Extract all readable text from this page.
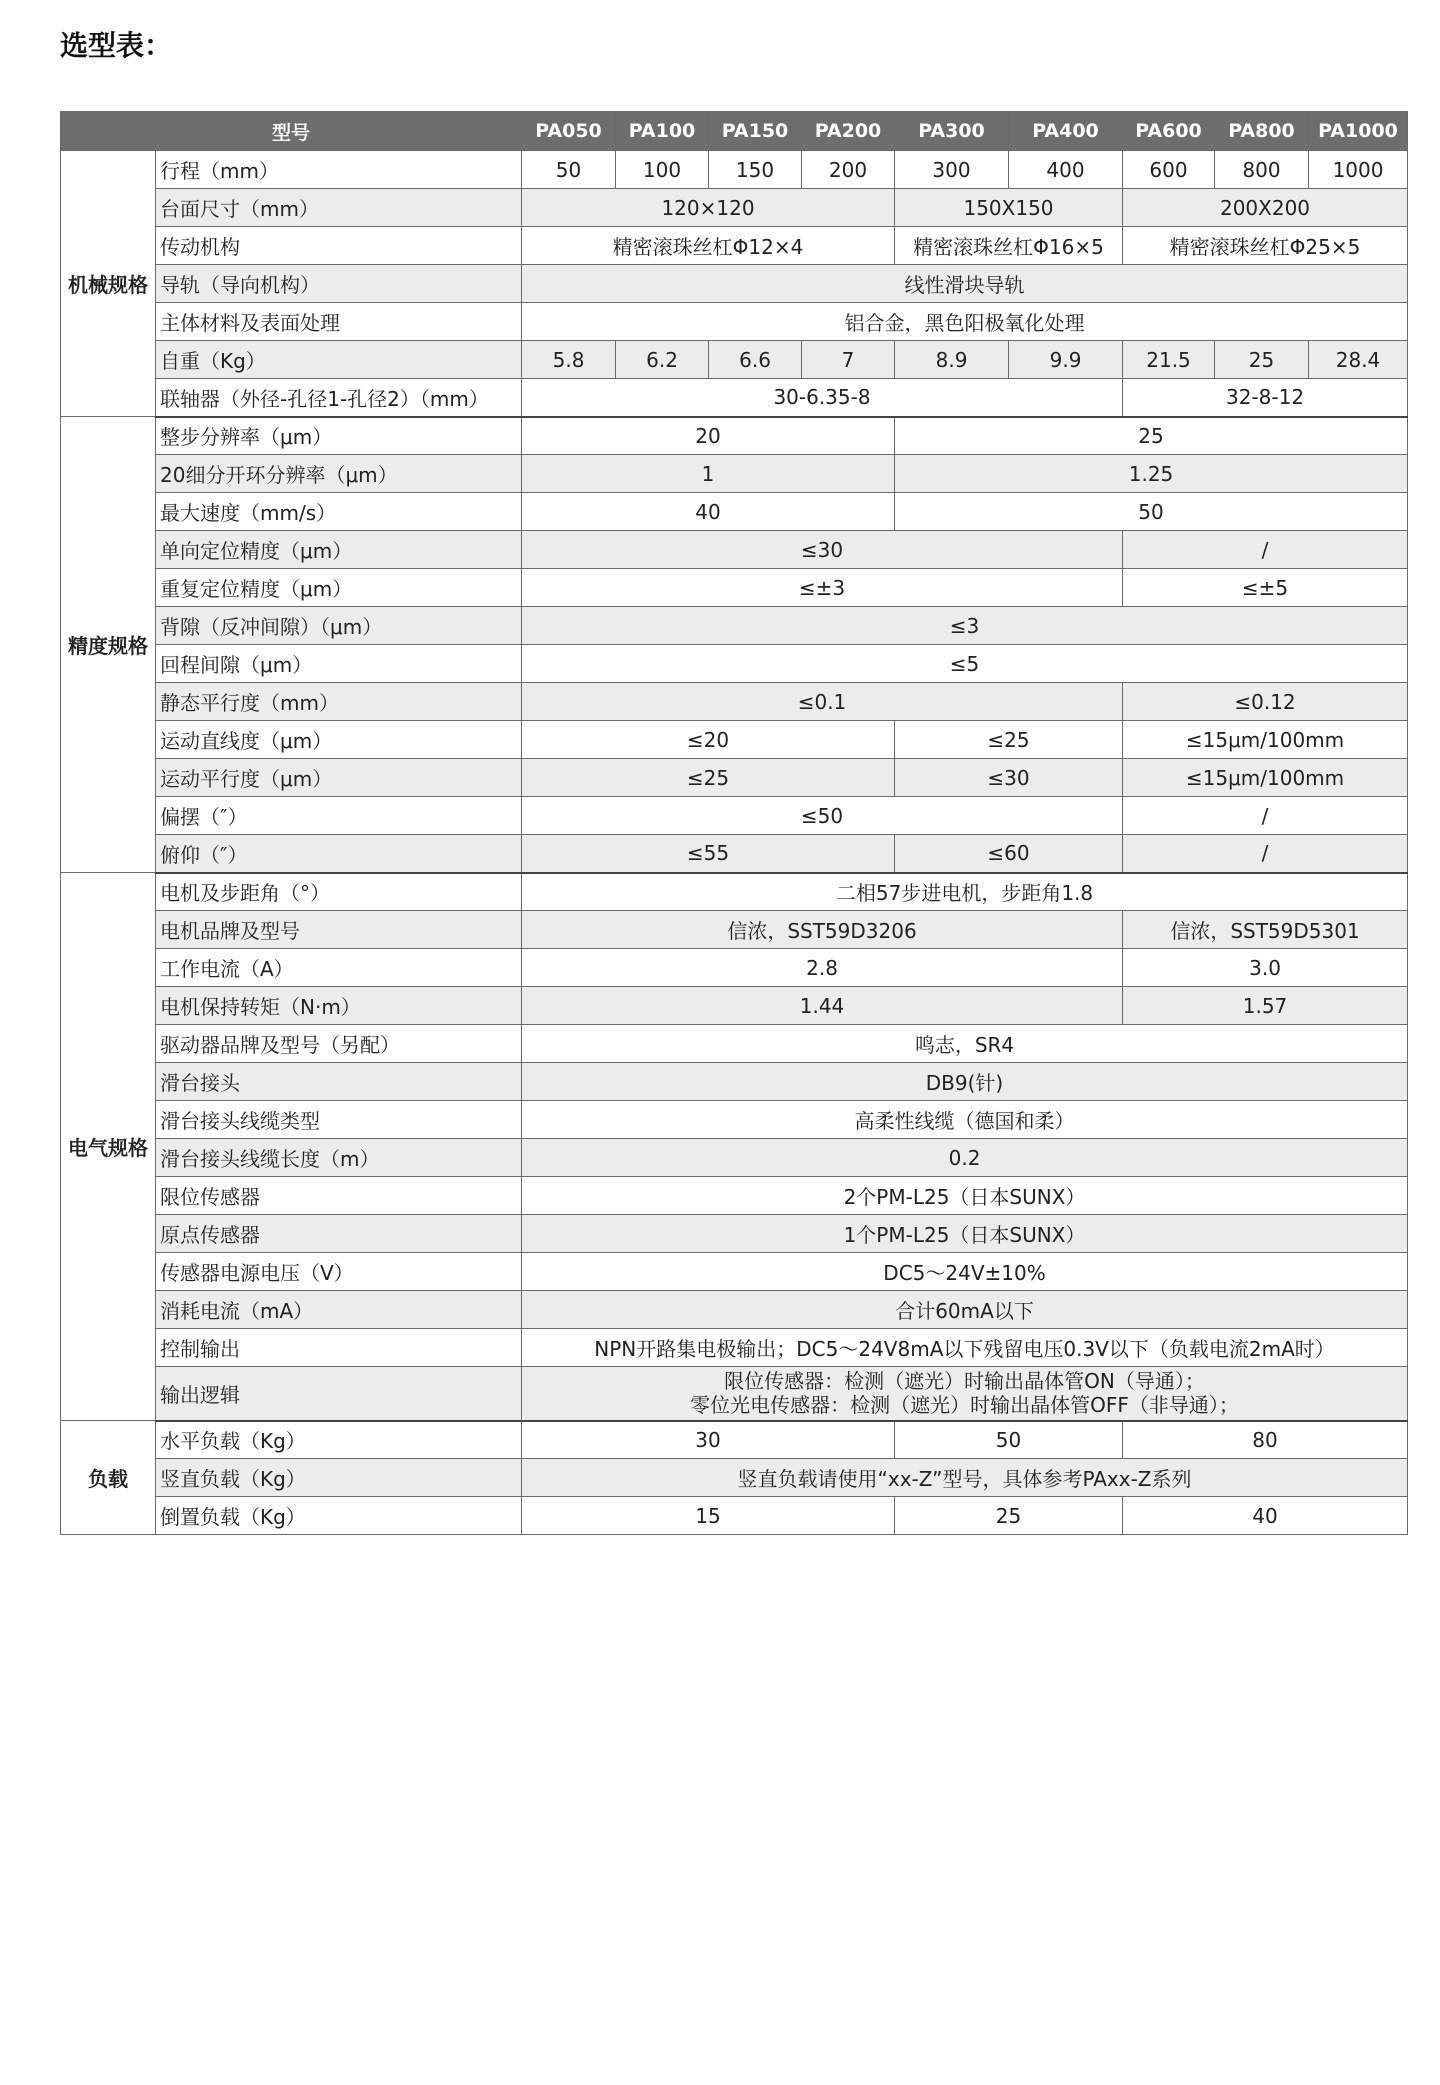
选型表：
型号		PA050	PA100	PA150	PA200	PA300	PA400	PA600	PA800	PA1000
机械规格	行程（mm）	50	100	150	200	300	400	600	800	1000
	台面尺寸（mm）	120×120				150X150		200X200		
	传动机构	精密滚珠丝杠Φ12×4				精密滚珠丝杠Φ16×5		精密滚珠丝杠Φ25×5		
	导轨（导向机构）	线性滑块导轨								
	主体材料及表面处理	铝合金，黑色阳极氧化处理								
	自重（Kg）	5.8	6.2	6.6	7	8.9	9.9	21.5	25	28.4
	联轴器（外径-孔径1-孔径2）（mm）	30-6.35-8						32-8-12		
精度规格	整步分辨率（μm）	20				25				
	20细分开环分辨率（μm）	1				1.25				
	最大速度（mm/s）	40				50				
	单向定位精度（μm）	≤30						/		
	重复定位精度（μm）	≤±3						≤±5		
	背隙（反冲间隙）（μm）	≤3								
	回程间隙（μm）	≤5								
	静态平行度（mm）	≤0.1						≤0.12		
	运动直线度（μm）	≤20				≤25		≤15μm/100mm		
	运动平行度（μm）	≤25				≤30		≤15μm/100mm		
	偏摆（″）	≤50						/		
	俯仰（″）	≤55				≤60		/		
电气规格	电机及步距角（°）	二相57步进电机，步距角1.8								
	电机品牌及型号	信浓，SST59D3206						信浓，SST59D5301		
	工作电流（A）	2.8						3.0		
	电机保持转矩（N·m）	1.44						1.57		
	驱动器品牌及型号（另配）	鸣志，SR4								
	滑台接头	DB9(针)								
	滑台接头线缆类型	高柔性线缆（德国和柔）								
	滑台接头线缆长度（m）	0.2								
	限位传感器	2个PM-L25（日本SUNX）								
	原点传感器	1个PM-L25（日本SUNX）								
	传感器电源电压（V）	DC5～24V±10%								
	消耗电流（mA）	合计60mA以下								
	控制输出	NPN开路集电极输出；DC5～24V8mA以下残留电压0.3V以下（负载电流2mA时）								
	输出逻辑	限位传感器：检测（遮光）时输出晶体管ON（导通）；
零位光电传感器：检测（遮光）时输出晶体管OFF（非导通）；								

负载	水平负载（Kg）	30				50		80		
	竖直负载（Kg）	竖直负载请使用“xx-Z”型号，具体参考PAxx-Z系列								
	倒置负载（Kg）	15				25		40		
